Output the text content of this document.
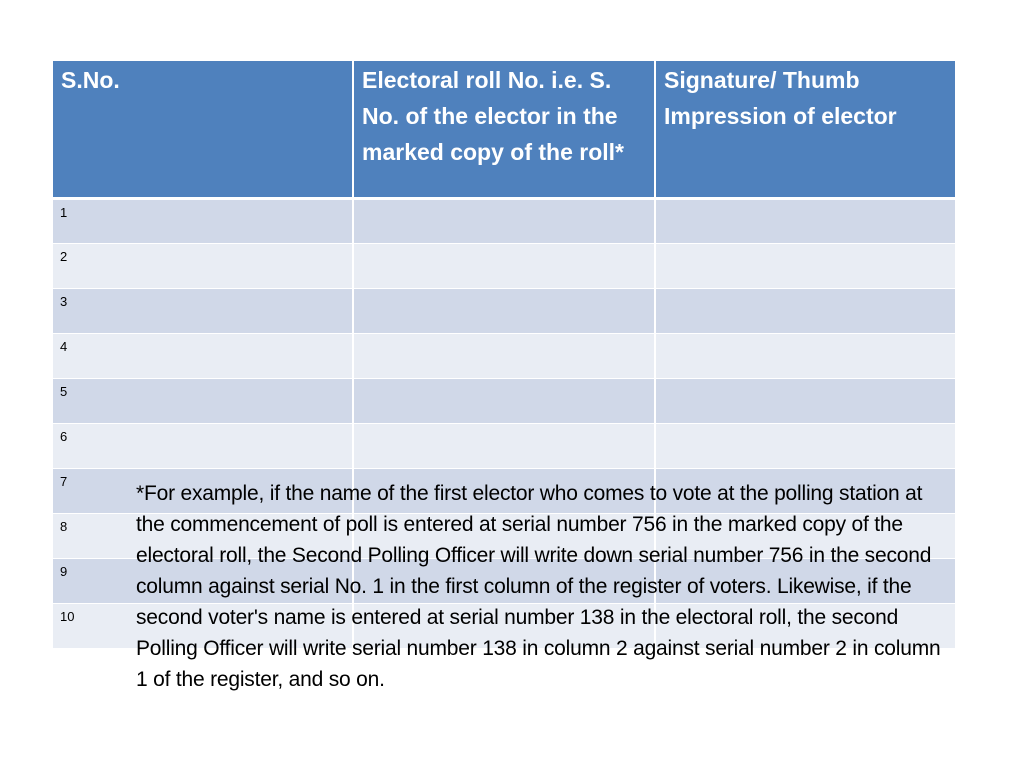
S.No.	Electoral roll No. i.e. S. No. of the elector in the marked copy of the roll*	Signature/ Thumb Impression of elector
1		
2		
3		
4		
5		
6		
7		
8		
9		
10		

*For example, if the name of the first elector who comes to vote at the polling station at the commencement of poll is entered at serial number 756 in the marked copy of the electoral roll, the Second Polling Officer will write down serial number 756 in the second column against serial No. 1 in the first column of the register of voters. Likewise, if the second voter's name is entered at serial number 138 in the electoral roll, the second Polling Officer will write serial number 138 in column 2 against serial number 2 in column 1 of the register, and so on.
